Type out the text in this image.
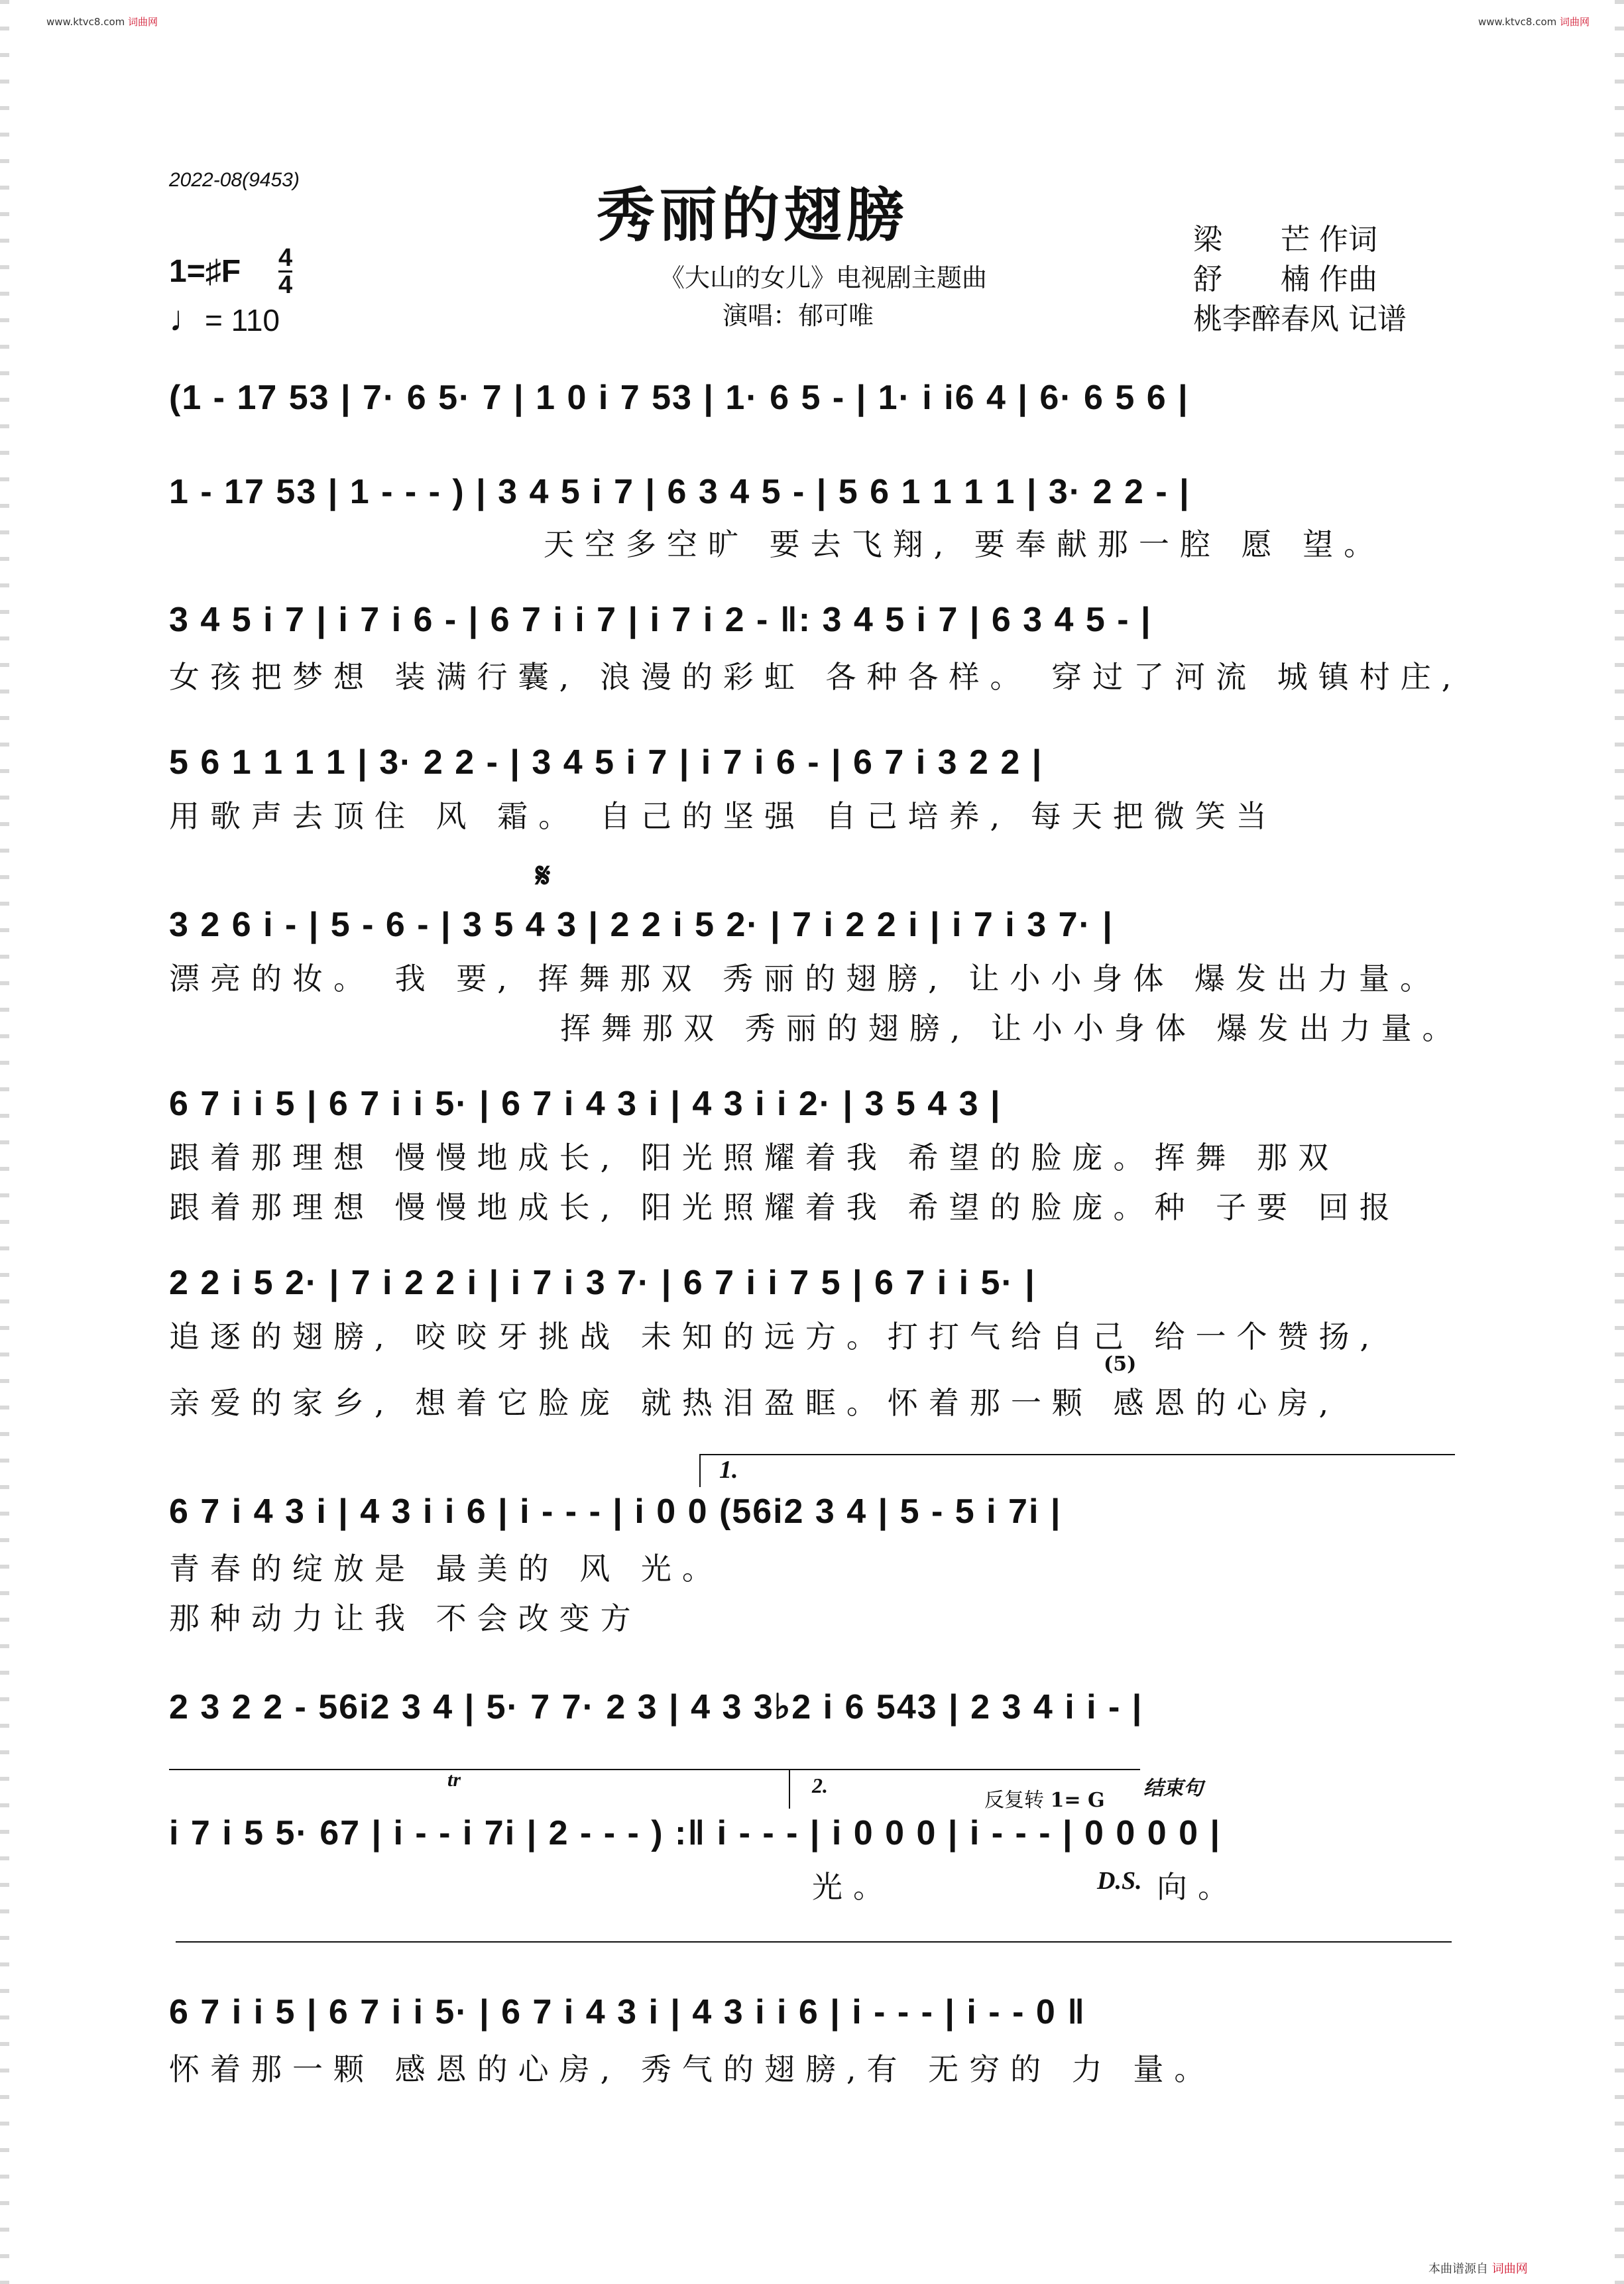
www.ktvc8.com 词曲网	www.ktvc8.com 词曲网
2022-08(9453)
秀丽的翅膀
《大山的女儿》电视剧主题曲
演唱：郁可唯
梁　　芒 作词
舒　　楠 作曲
桃李醉春风 记谱
1=♯F 4
4
♩= 110
(1 - 17 53 | 7· 6 5· 7 | 1 0 i 7 53 | 1· 6 5 - | 1· i i6 4 | 6· 6 5 6 |
1 - 17 53 | 1 - - - ) | 3 4 5 i 7 | 6 3 4 5 - | 5 6 1 1 1 1 | 3· 2 2 - |
天空多空旷 要去飞翔, 要奉献那一腔 愿 望。
3 4 5 i 7 | i 7 i 6 - | 6 7 i i 7 | i 7 i 2 - ‖: 3 4 5 i 7 | 6 3 4 5 - |
女孩把梦想 装满行囊, 浪漫的彩虹 各种各样。 穿过了河流 城镇村庄,
5 6 1 1 1 1 | 3· 2 2 - | 3 4 5 i 7 | i 7 i 6 - | 6 7 i 3 2 2 |
用歌声去顶住 风 霜。 自己的坚强 自己培养, 每天把微笑当
𝄋
3 2 6 i - | 5 - 6 - | 3 5 4 3 | 2 2 i 5 2· | 7 i 2 2 i | i 7 i 3 7· |
漂亮的妆。 我 要, 挥舞那双 秀丽的翅膀, 让小小身体 爆发出力量。
挥舞那双 秀丽的翅膀, 让小小身体 爆发出力量。
6 7 i i 5 | 6 7 i i 5· | 6 7 i 4 3 i | 4 3 i i 2· | 3 5 4 3 |
跟着那理想 慢慢地成长, 阳光照耀着我 希望的脸庞。挥舞 那双
跟着那理想 慢慢地成长, 阳光照耀着我 希望的脸庞。种 子要 回报
2 2 i 5 2· | 7 i 2 2 i | i 7 i 3 7· | 6 7 i i 7 5 | 6 7 i i 5· |
追逐的翅膀, 咬咬牙挑战 未知的远方。打打气给自己 给一个赞扬,
(5)
亲爱的家乡, 想着它脸庞 就热泪盈眶。怀着那一颗 感恩的心房,
1.
6 7 i 4 3 i | 4 3 i i 6 | i - - - | i 0 0 (56i2 3 4 | 5 - 5 i 7i |
青春的绽放是 最美的 风 光。
那种动力让我 不会改变方
2 3 2 2 - 56i2 3 4 | 5· 7 7· 2 3 | 4 3 3♭2 i 6 543 | 2 3 4 i i - |
tr	2.
反复转 1= G
结束句
i 7 i 5 5· 67 | i - - i 7i | 2 - - - ) :‖ i - - - | i 0 0 0 | i - - - | 0 0 0 0 |
光。	D.S. 向。
6 7 i i 5 | 6 7 i i 5· | 6 7 i 4 3 i | 4 3 i i 6 | i - - - | i - - 0 ‖
怀着那一颗 感恩的心房, 秀气的翅膀,有 无穷的 力 量。
本曲谱源自 词曲网
